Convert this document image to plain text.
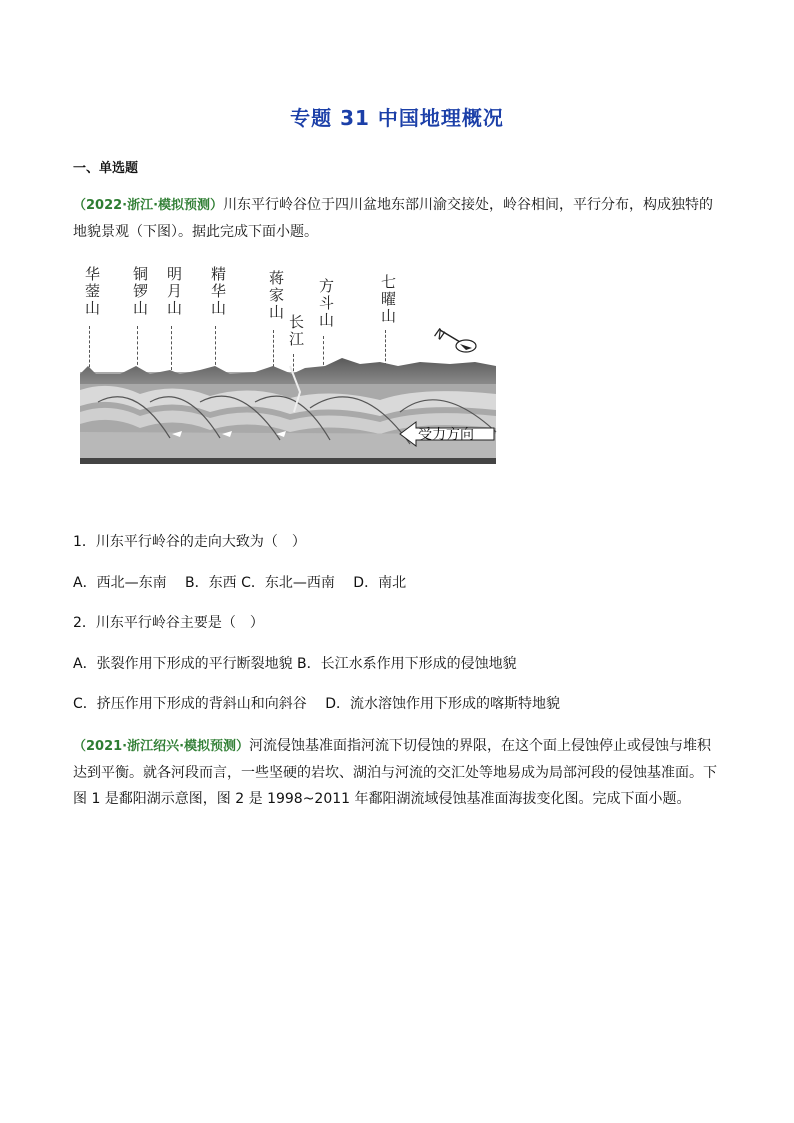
专题 31 中国地理概况
一、单选题
（2022·浙江·模拟预测）川东平行岭谷位于四川盆地东部川渝交接处，岭谷相间，平行分布，构成独特的地貌景观（下图）。据此完成下面小题。
华蓥山 铜锣山 明月山 精华山	蒋家山
长江
方斗山	七曜山
N
受力方向
1．川东平行岭谷的走向大致为（　）
A．西北—东南　 B．东西 C．东北—西南　 D．南北
2．川东平行岭谷主要是（　）
A．张裂作用下形成的平行断裂地貌 B．长江水系作用下形成的侵蚀地貌
C．挤压作用下形成的背斜山和向斜谷　 D．流水溶蚀作用下形成的喀斯特地貌
（2021·浙江绍兴·模拟预测）河流侵蚀基准面指河流下切侵蚀的界限，在这个面上侵蚀停止或侵蚀与堆积达到平衡。就各河段而言，一些坚硬的岩坎、湖泊与河流的交汇处等地易成为局部河段的侵蚀基准面。下图 1 是鄱阳湖示意图，图 2 是 1998~2011 年鄱阳湖流域侵蚀基准面海拔变化图。完成下面小题。
